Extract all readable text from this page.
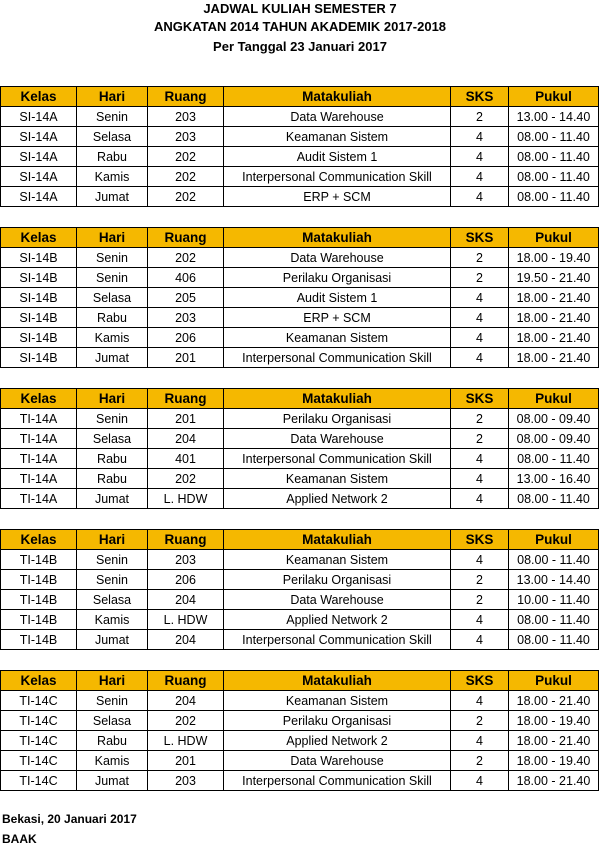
JADWAL KULIAH SEMESTER 7
ANGKATAN 2014 TAHUN AKADEMIK 2017-2018
Per Tanggal 23 Januari 2017
Kelas	Hari	Ruang	Matakuliah	SKS	Pukul
SI-14A	Senin	203	Data Warehouse	2	13.00 - 14.40
SI-14A	Selasa	203	Keamanan Sistem	4	08.00 - 11.40
SI-14A	Rabu	202	Audit Sistem 1	4	08.00 - 11.40
SI-14A	Kamis	202	Interpersonal Communication Skill	4	08.00 - 11.40
SI-14A	Jumat	202	ERP + SCM	4	08.00 - 11.40
Kelas	Hari	Ruang	Matakuliah	SKS	Pukul
SI-14B	Senin	202	Data Warehouse	2	18.00 - 19.40
SI-14B	Senin	406	Perilaku Organisasi	2	19.50 - 21.40
SI-14B	Selasa	205	Audit Sistem 1	4	18.00 - 21.40
SI-14B	Rabu	203	ERP + SCM	4	18.00 - 21.40
SI-14B	Kamis	206	Keamanan Sistem	4	18.00 - 21.40
SI-14B	Jumat	201	Interpersonal Communication Skill	4	18.00 - 21.40
Kelas	Hari	Ruang	Matakuliah	SKS	Pukul
TI-14A	Senin	201	Perilaku Organisasi	2	08.00 - 09.40
TI-14A	Selasa	204	Data Warehouse	2	08.00 - 09.40
TI-14A	Rabu	401	Interpersonal Communication Skill	4	08.00 - 11.40
TI-14A	Rabu	202	Keamanan Sistem	4	13.00 - 16.40
TI-14A	Jumat	L. HDW	Applied Network 2	4	08.00 - 11.40
Kelas	Hari	Ruang	Matakuliah	SKS	Pukul
TI-14B	Senin	203	Keamanan Sistem	4	08.00 - 11.40
TI-14B	Senin	206	Perilaku Organisasi	2	13.00 - 14.40
TI-14B	Selasa	204	Data Warehouse	2	10.00 - 11.40
TI-14B	Kamis	L. HDW	Applied Network 2	4	08.00 - 11.40
TI-14B	Jumat	204	Interpersonal Communication Skill	4	08.00 - 11.40
Kelas	Hari	Ruang	Matakuliah	SKS	Pukul
TI-14C	Senin	204	Keamanan Sistem	4	18.00 - 21.40
TI-14C	Selasa	202	Perilaku Organisasi	2	18.00 - 19.40
TI-14C	Rabu	L. HDW	Applied Network 2	4	18.00 - 21.40
TI-14C	Kamis	201	Data Warehouse	2	18.00 - 19.40
TI-14C	Jumat	203	Interpersonal Communication Skill	4	18.00 - 21.40
Bekasi, 20 Januari 2017
BAAK
